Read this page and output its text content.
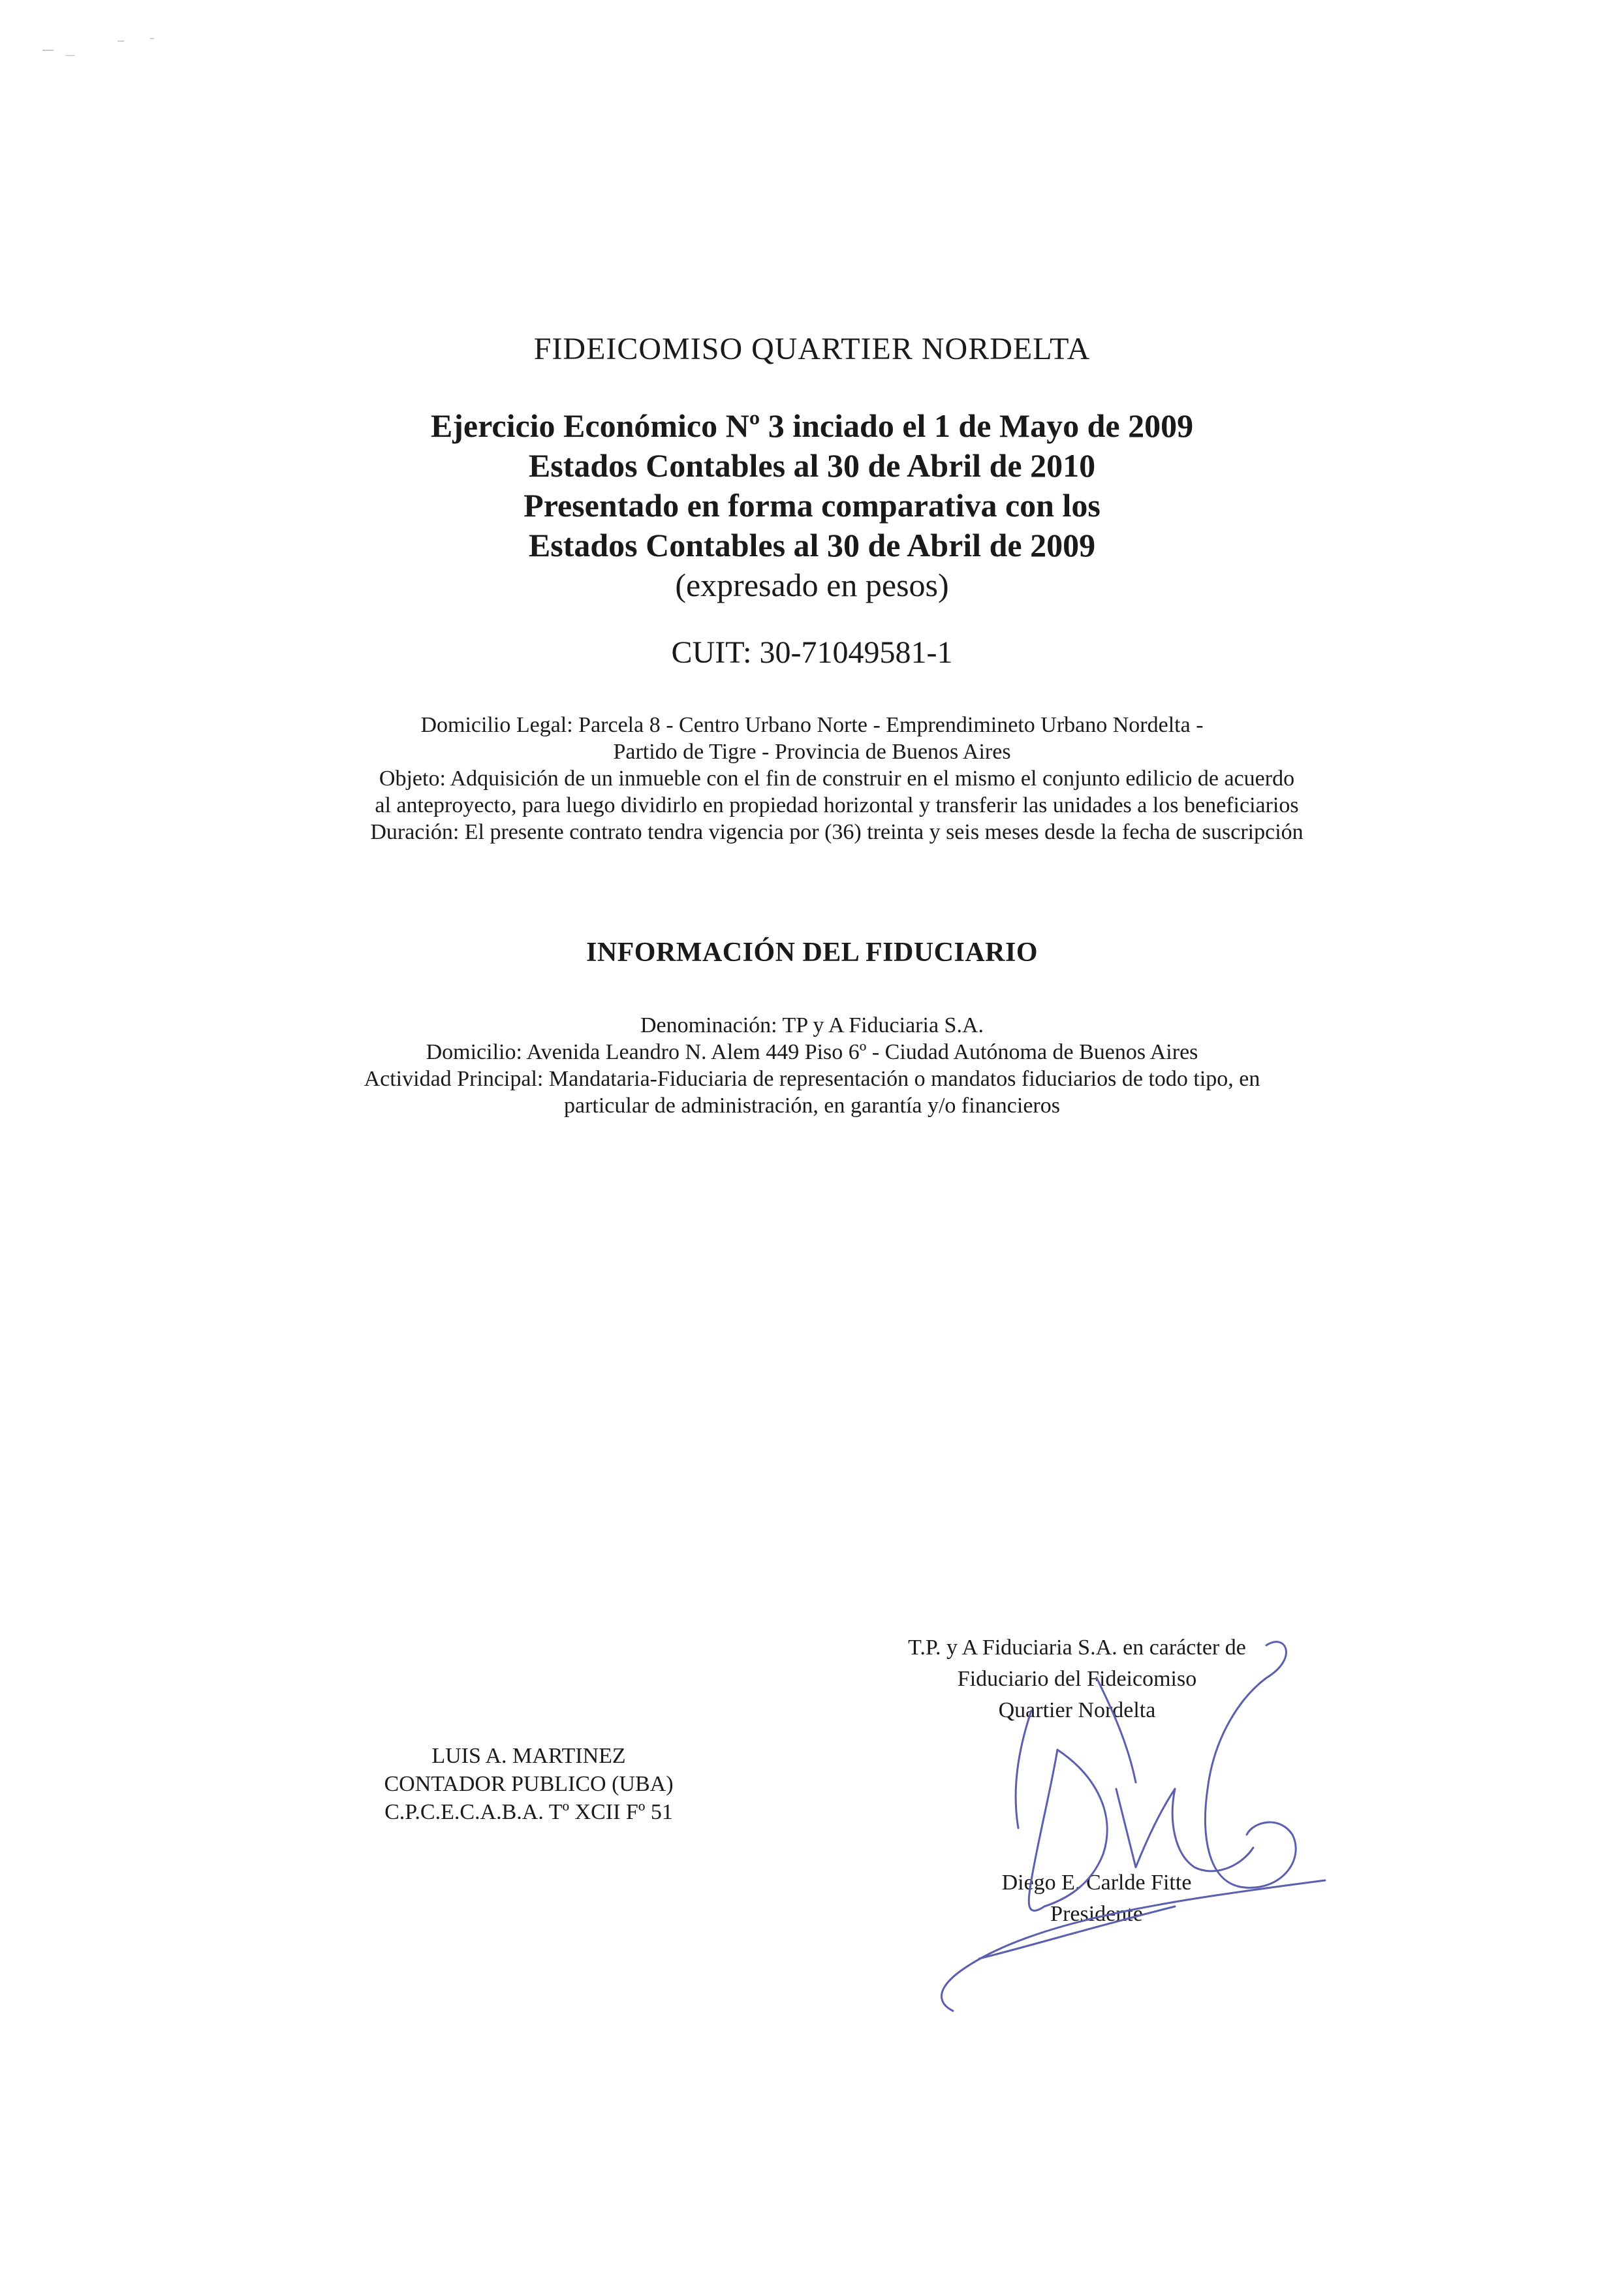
FIDEICOMISO QUARTIER NORDELTA
Ejercicio Económico Nº 3 inciado el 1 de Mayo de 2009
Estados Contables al 30 de Abril de 2010
Presentado en forma comparativa con los
Estados Contables al 30 de Abril de 2009
(expresado en pesos)
CUIT: 30-71049581-1
Domicilio Legal: Parcela 8 - Centro Urbano Norte - Emprendimineto Urbano Nordelta -
Partido de Tigre - Provincia de Buenos Aires
Objeto: Adquisición de un inmueble con el fin de construir en el mismo el conjunto edilicio de acuerdo
al anteproyecto, para luego dividirlo en propiedad horizontal y transferir las unidades a los beneficiarios
Duración: El presente contrato tendra vigencia por (36) treinta y seis meses desde la fecha de suscripción
INFORMACIÓN DEL FIDUCIARIO
Denominación: TP y A Fiduciaria S.A.
Domicilio: Avenida Leandro N. Alem 449 Piso 6º - Ciudad Autónoma de Buenos Aires
Actividad Principal: Mandataria-Fiduciaria de representación o mandatos fiduciarios de todo tipo, en
particular de administración, en garantía y/o financieros
LUIS A. MARTINEZ
CONTADOR PUBLICO (UBA)
C.P.C.E.C.A.B.A. Tº XCII Fº 51
T.P. y A Fiduciaria S.A. en carácter de
Fiduciario del Fideicomiso
Quartier Nordelta
Diego E. Carlde Fitte
Presidente
